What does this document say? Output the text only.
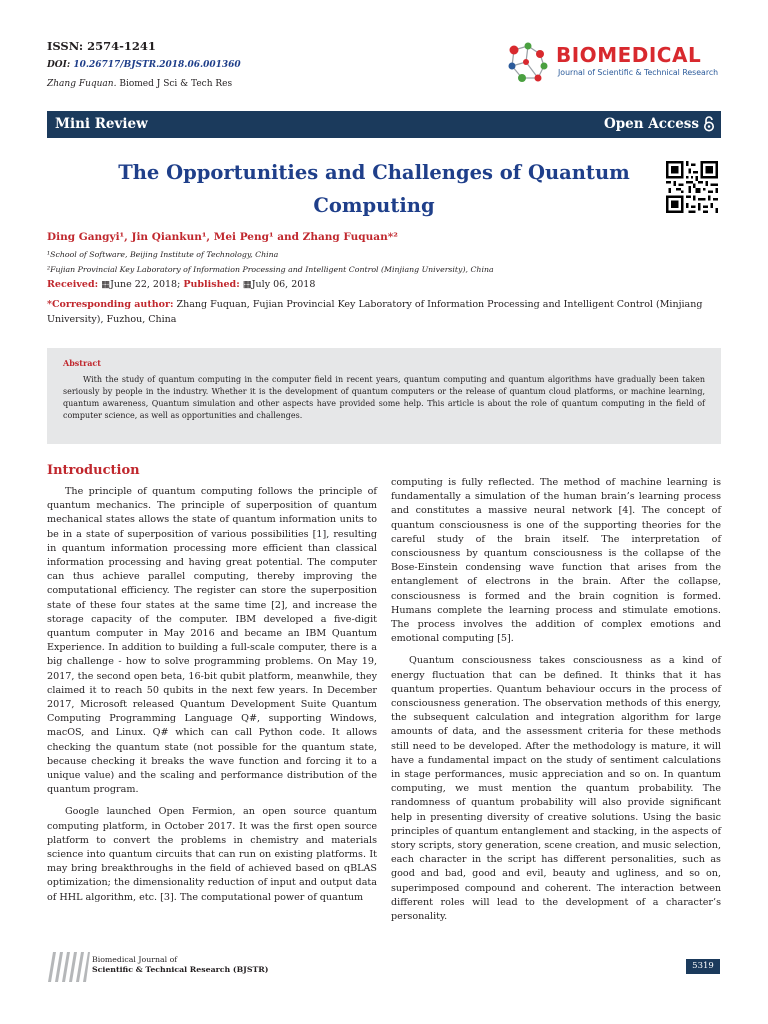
ISSN: 2574-1241
DOI: 10.26717/BJSTR.2018.06.001360
Zhang Fuquan. Biomed J Sci & Tech Res
BIOMEDICAL
Journal of Scientific & Technical Research
Mini Review	Open Access
The Opportunities and Challenges of Quantum Computing
Ding Gangyi¹, Jin Qiankun¹, Mei Peng¹ and Zhang Fuquan*²
¹School of Software, Beijing Institute of Technology, China
²Fujian Provincial Key Laboratory of Information Processing and Intelligent Control (Minjiang University), China
Received: ▦June 22, 2018; Published: ▦July 06, 2018
*Corresponding author: Zhang Fuquan, Fujian Provincial Key Laboratory of Information Processing and Intelligent Control (Minjiang University), Fuzhou, China
Abstract
With the study of quantum computing in the computer field in recent years, quantum computing and quantum algorithms have gradually been taken seriously by people in the industry. Whether it is the development of quantum computers or the release of quantum cloud platforms, or machine learning, quantum awareness, Quantum simulation and other aspects have provided some help. This article is about the role of quantum computing in the field of computer science, as well as opportunities and challenges.
Introduction

The principle of quantum computing follows the principle of quantum mechanics. The principle of superposition of quantum mechanical states allows the state of quantum information units to be in a state of superposition of various possibilities [1], resulting in quantum information processing more efficient than classical information processing and having great potential. The computer can thus achieve parallel computing, thereby improving the computational efficiency. The register can store the superposition state of these four states at the same time [2], and increase the storage capacity of the computer. IBM developed a five-digit quantum computer in May 2016 and became an IBM Quantum Experience. In addition to building a full-scale computer, there is a big challenge - how to solve programming problems. On May 19, 2017, the second open beta, 16-bit qubit platform, meanwhile, they claimed it to reach 50 qubits in the next few years. In December 2017, Microsoft released Quantum Development Suite Quantum Computing Programming Language Q#, supporting Windows, macOS, and Linux. Q# which can call Python code. It allows checking the quantum state (not possible for the quantum state, because checking it breaks the wave function and forcing it to a unique value) and the scaling and performance distribution of the quantum program.

Google launched Open Fermion, an open source quantum computing platform, in October 2017. It was the first open source platform to convert the problems in chemistry and materials science into quantum circuits that can run on existing platforms. It may bring breakthroughs in the field of achieved based on qBLAS optimization; the dimensionality reduction of input and output data of HHL algorithm, etc. [3]. The computational power of quantum

computing is fully reflected. The method of machine learning is fundamentally a simulation of the human brain’s learning process and constitutes a massive neural network [4]. The concept of quantum consciousness is one of the supporting theories for the careful study of the brain itself. The interpretation of consciousness by quantum consciousness is the collapse of the Bose-Einstein condensing wave function that arises from the entanglement of electrons in the brain. After the collapse, consciousness is formed and the brain cognition is formed. Humans complete the learning process and stimulate emotions. The process involves the addition of complex emotions and emotional computing [5].

Quantum consciousness takes consciousness as a kind of energy fluctuation that can be defined. It thinks that it has quantum properties. Quantum behaviour occurs in the process of consciousness generation. The observation methods of this energy, the subsequent calculation and integration algorithm for large amounts of data, and the assessment criteria for these methods still need to be developed. After the methodology is mature, it will have a fundamental impact on the study of sentiment calculations in stage performances, music appreciation and so on. In quantum computing, we must mention the quantum probability. The randomness of quantum probability will also provide significant help in presenting diversity of creative solutions. Using the basic principles of quantum entanglement and stacking, in the aspects of story scripts, story generation, scene creation, and music selection, each character in the script has different personalities, such as good and bad, good and evil, beauty and ugliness, and so on, superimposed compound and coherent. The interaction between different roles will lead to the development of a character’s personality.

Biomedical Journal of
Scientific & Technical Research (BJSTR)	5319
